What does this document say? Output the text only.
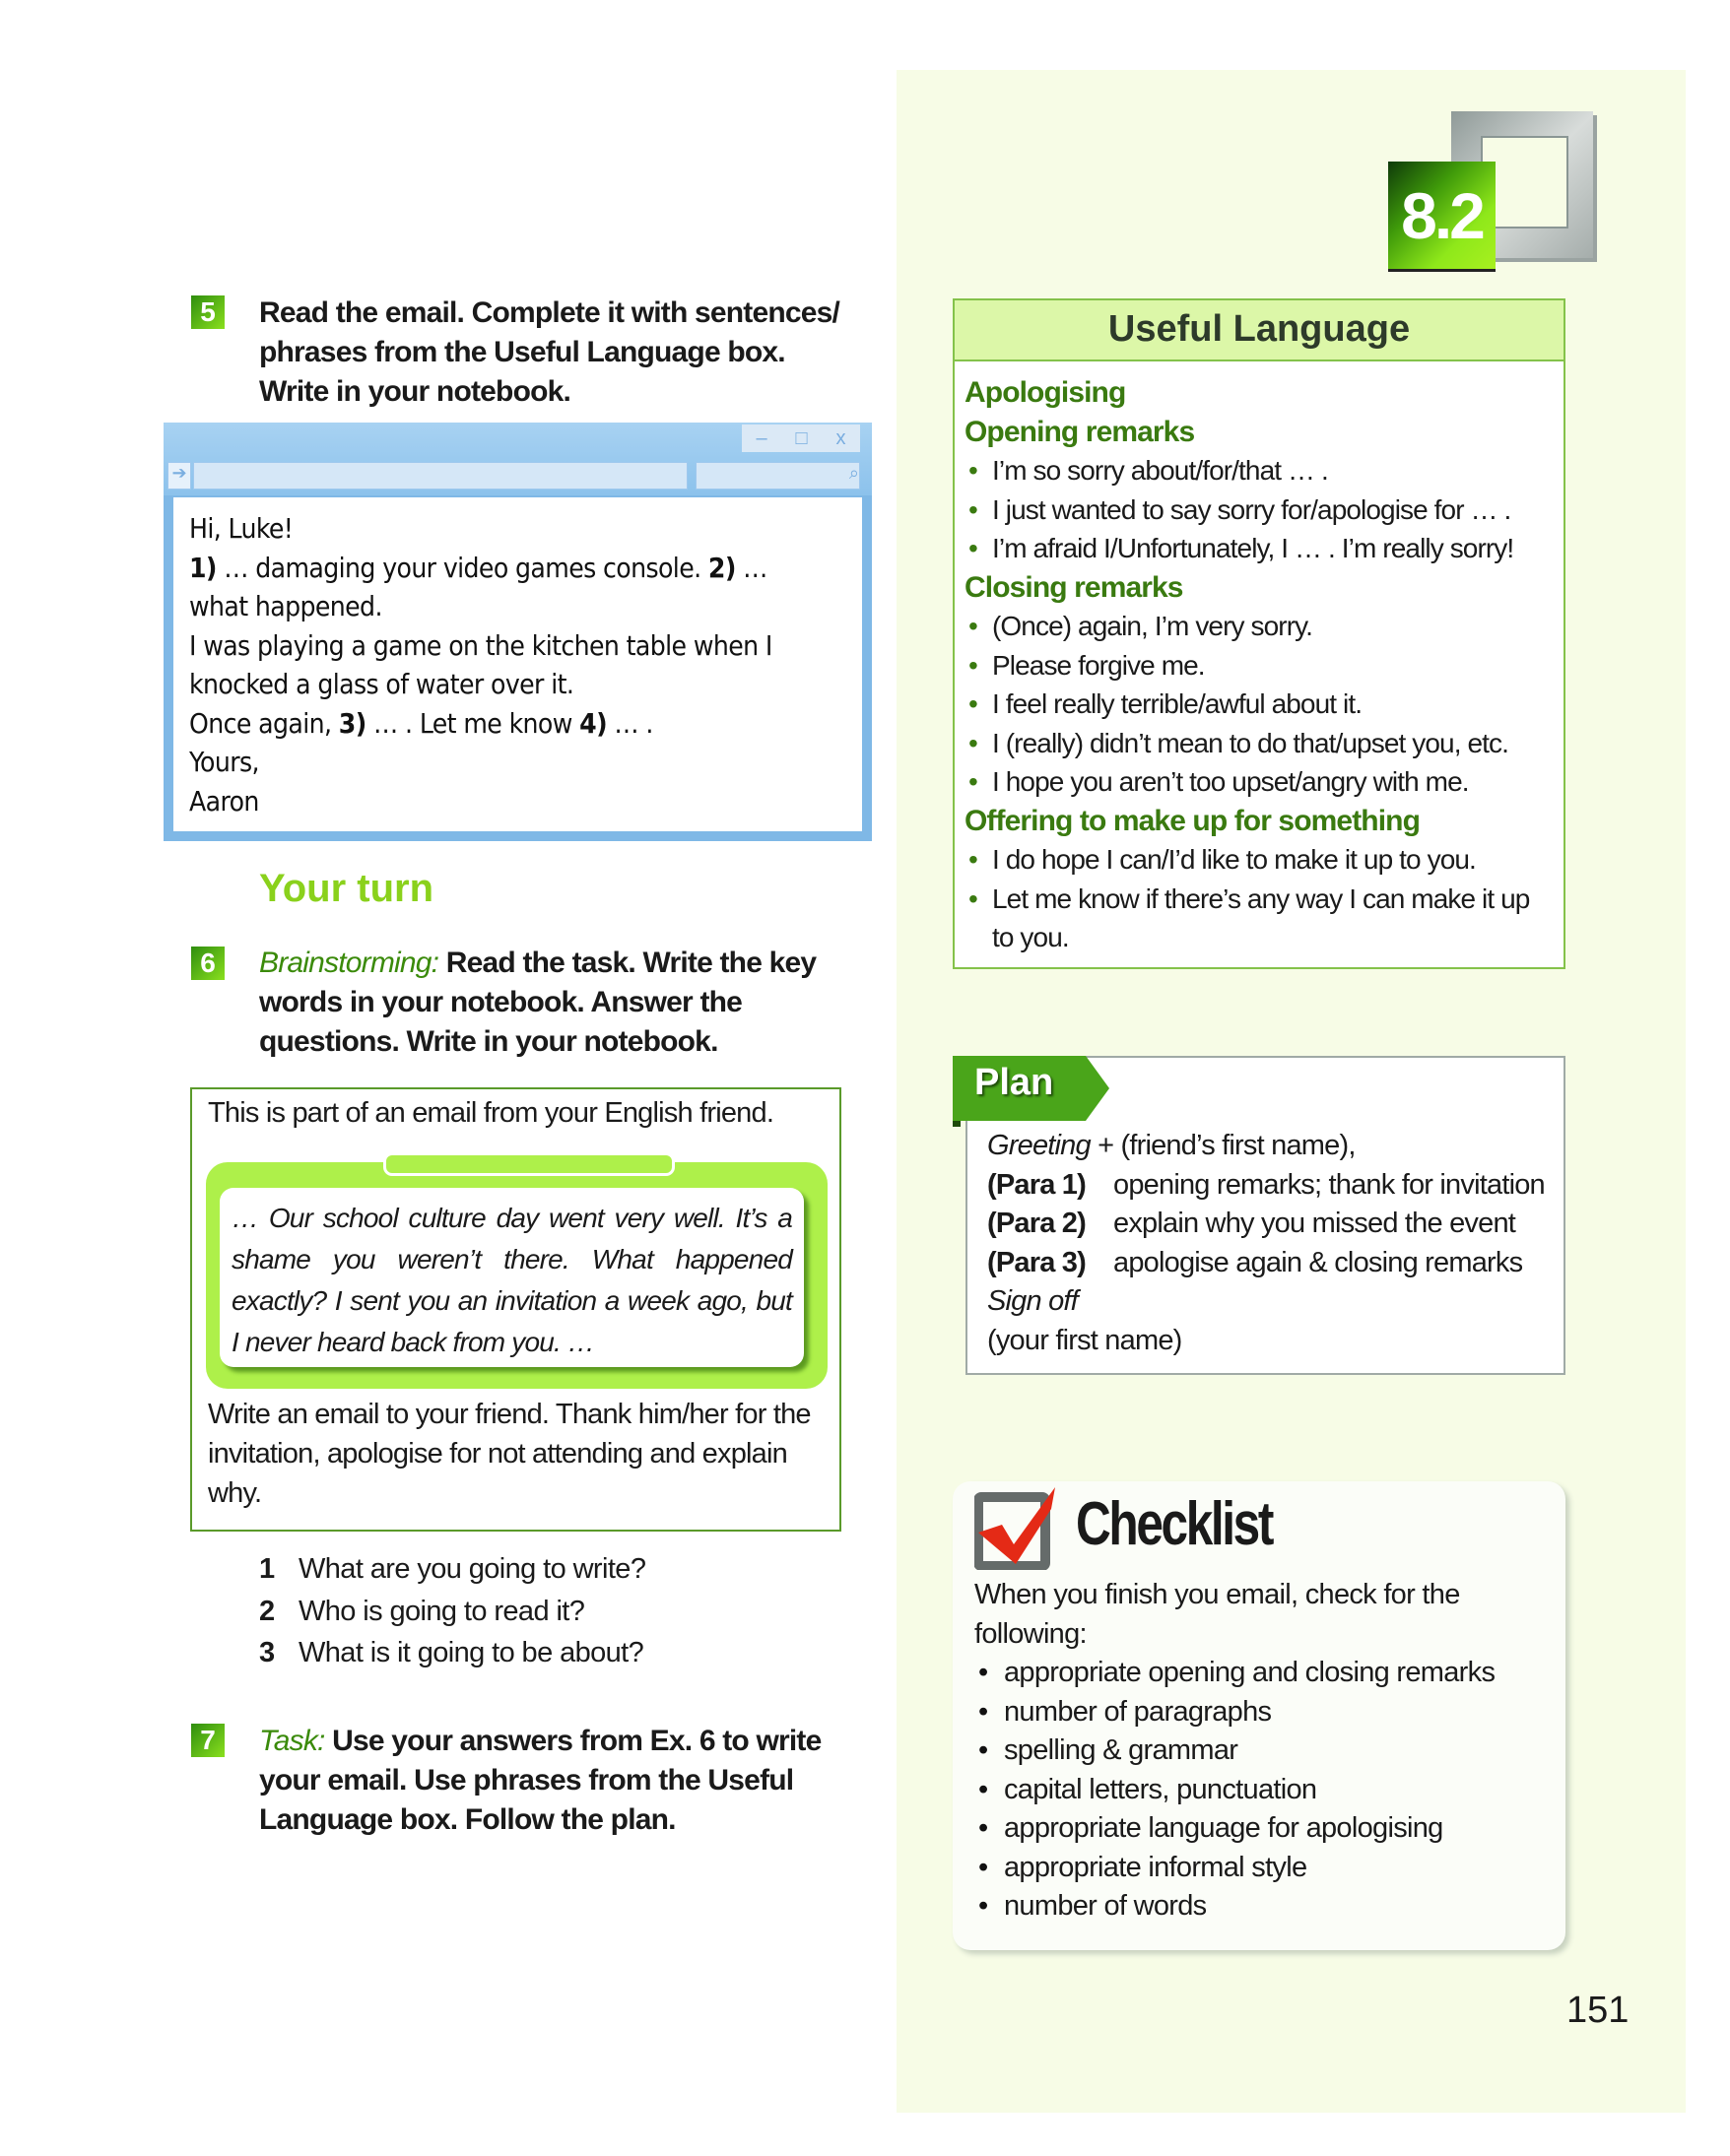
8.2
5	Read the email. Complete it with sentences/ phrases from the Useful Language box. Write in your notebook.
– □ x
➔	⌕
Hi, Luke!
1) … damaging your video games console. 2) …
what happened.
I was playing a game on the kitchen table when I
knocked a glass of water over it.
Once again, 3) … . Let me know 4) … .
Yours,
Aaron
Your turn
6	Brainstorming: Read the task. Write the key words in your notebook. Answer the questions. Write in your notebook.
This is part of an email from your English friend.
… Our school culture day went very well. It’s a shame you weren’t there. What happened exactly? I sent you an invitation a week ago, but I never heard back from you. …
Write an email to your friend. Thank him/her for the invitation, apologise for not attending and explain why.
1 What are you going to write?
2 Who is going to read it?
3 What is it going to be about?
7	Task: Use your answers from Ex. 6 to write your email. Use phrases from the Useful Language box. Follow the plan.
Useful Language
Apologising
Opening remarks
• I’m so sorry about/for/that … .
• I just wanted to say sorry for/apologise for … .
• I’m afraid I/Unfortunately, I … . I’m really sorry!
Closing remarks
• (Once) again, I’m very sorry.
• Please forgive me.
• I feel really terrible/awful about it.
• I (really) didn’t mean to do that/upset you, etc.
• I hope you aren’t too upset/angry with me.
Offering to make up for something
• I do hope I can/I’d like to make it up to you.
• Let me know if there’s any way I can make it up to you.
Greeting + (friend’s first name),
(Para 1) opening remarks; thank for invitation
(Para 2) explain why you missed the event
(Para 3) apologise again & closing remarks
Sign off
(your first name)
Plan
Checklist
When you finish you email, check for the following:
• appropriate opening and closing remarks
• number of paragraphs
• spelling & grammar
• capital letters, punctuation
• appropriate language for apologising
• appropriate informal style
• number of words
151
